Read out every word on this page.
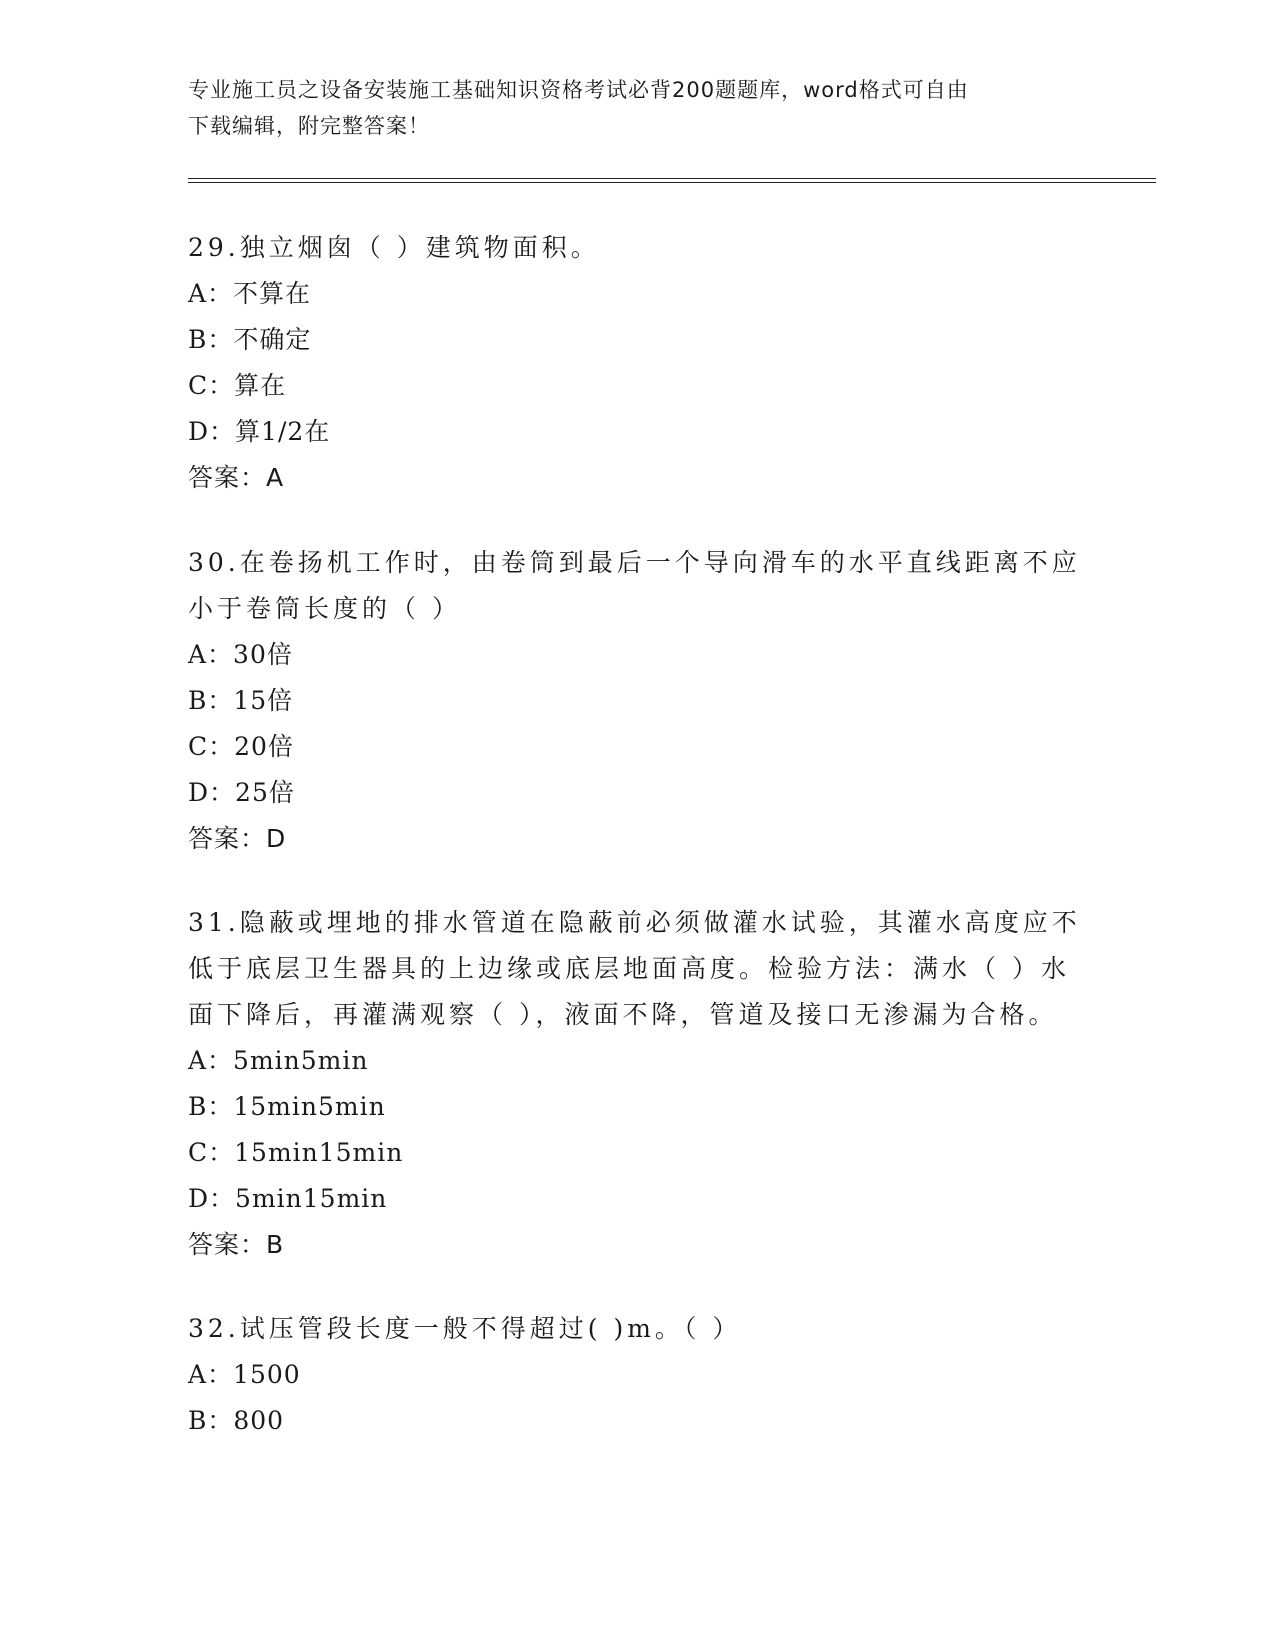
专业施工员之设备安装施工基础知识资格考试必背200题题库，word格式可自由
下载编辑，附完整答案！

29.独立烟囱（ ）建筑物面积。

A：不算在

B：不确定

C：算在

D：算1/2在

答案：A

30.在卷扬机工作时，由卷筒到最后一个导向滑车的水平直线距离不应

小于卷筒长度的（ ）

A：30倍

B：15倍

C：20倍

D：25倍

答案：D

31.隐蔽或埋地的排水管道在隐蔽前必须做灌水试验，其灌水高度应不

低于底层卫生器具的上边缘或底层地面高度。检验方法：满水（ ）水

面下降后，再灌满观察（ ），液面不降，管道及接口无渗漏为合格。

A：5min5min

B：15min5min

C：15min15min

D：5min15min

答案：B

32.试压管段长度一般不得超过( )m。（ ）

A：1500

B：800
